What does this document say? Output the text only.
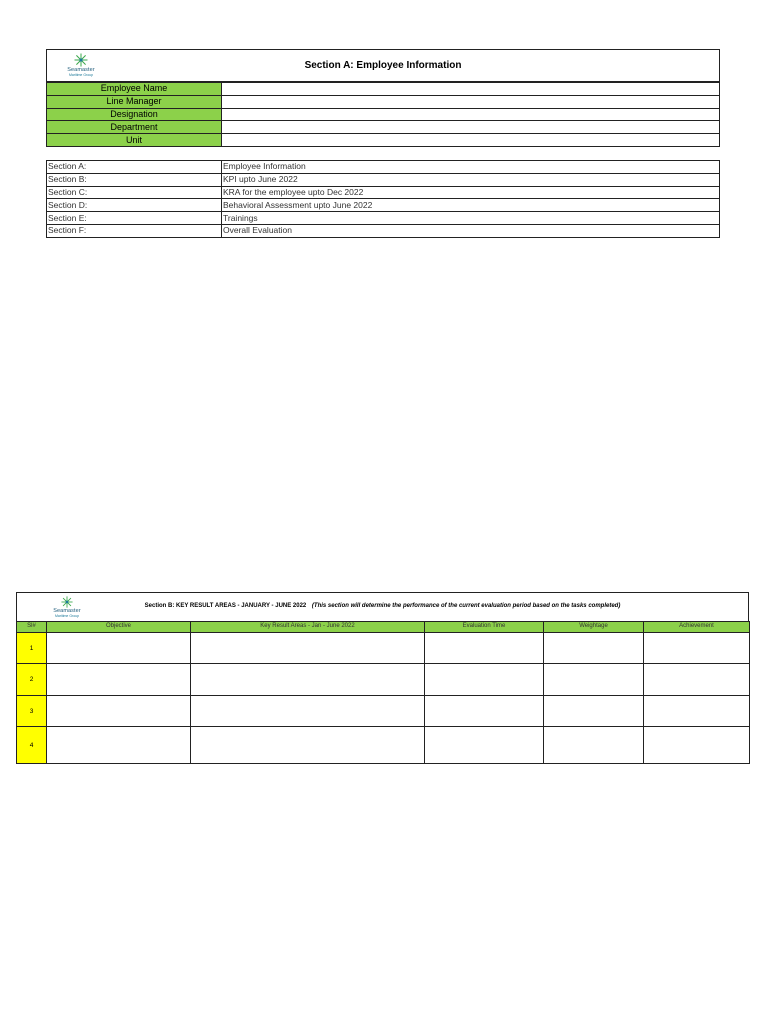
Seamaster
Maritime Group
Section A: Employee Information
Employee Name	
Line Manager	
Designation	
Department	
Unit	
Section A:	Employee Information
Section B:	KPI upto June 2022
Section C:	KRA for the employee upto Dec 2022
Section D:	Behavioral Assessment upto June 2022
Section E:	Trainings
Section F:	Overall Evaluation
Seamaster
Maritime Group
Section B: KEY RESULT AREAS - JANUARY - JUNE 2022 (This section will determine the performance of the current evaluation period based on the tasks completed)
Sl#	Objective	Key Result Areas - Jan - June 2022	Evaluation Time	Weightage	Achievement
1					
2					
3					
4					
